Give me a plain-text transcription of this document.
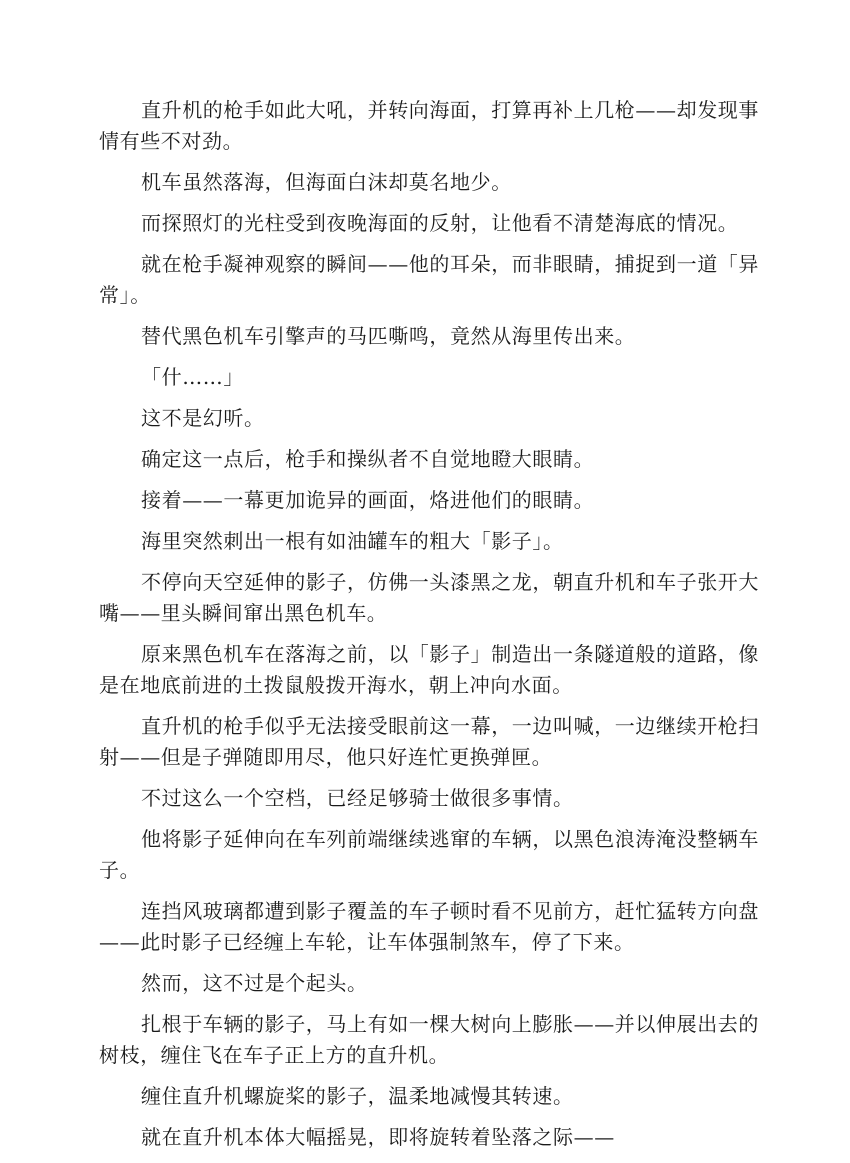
直升机的枪手如此大吼，并转向海面，打算再补上几枪——却发现事情有些不对劲。

机车虽然落海，但海面白沫却莫名地少。

而探照灯的光柱受到夜晚海面的反射，让他看不清楚海底的情况。

就在枪手凝神观察的瞬间——他的耳朵，而非眼睛，捕捉到一道「异常」。

替代黑色机车引擎声的马匹嘶鸣，竟然从海里传出来。

「什……」

这不是幻听。

确定这一点后，枪手和操纵者不自觉地瞪大眼睛。

接着——一幕更加诡异的画面，烙进他们的眼睛。

海里突然刺出一根有如油罐车的粗大「影子」。

不停向天空延伸的影子，仿佛一头漆黑之龙，朝直升机和车子张开大嘴——里头瞬间窜出黑色机车。

原来黑色机车在落海之前，以「影子」制造出一条隧道般的道路，像是在地底前进的土拨鼠般拨开海水，朝上冲向水面。

直升机的枪手似乎无法接受眼前这一幕，一边叫喊，一边继续开枪扫射——但是子弹随即用尽，他只好连忙更换弹匣。

不过这么一个空档，已经足够骑士做很多事情。

他将影子延伸向在车列前端继续逃窜的车辆，以黑色浪涛淹没整辆车子。

连挡风玻璃都遭到影子覆盖的车子顿时看不见前方，赶忙猛转方向盘——此时影子已经缠上车轮，让车体强制煞车，停了下来。

然而，这不过是个起头。

扎根于车辆的影子，马上有如一棵大树向上膨胀——并以伸展出去的树枝，缠住飞在车子正上方的直升机。

缠住直升机螺旋桨的影子，温柔地减慢其转速。

就在直升机本体大幅摇晃，即将旋转着坠落之际——
